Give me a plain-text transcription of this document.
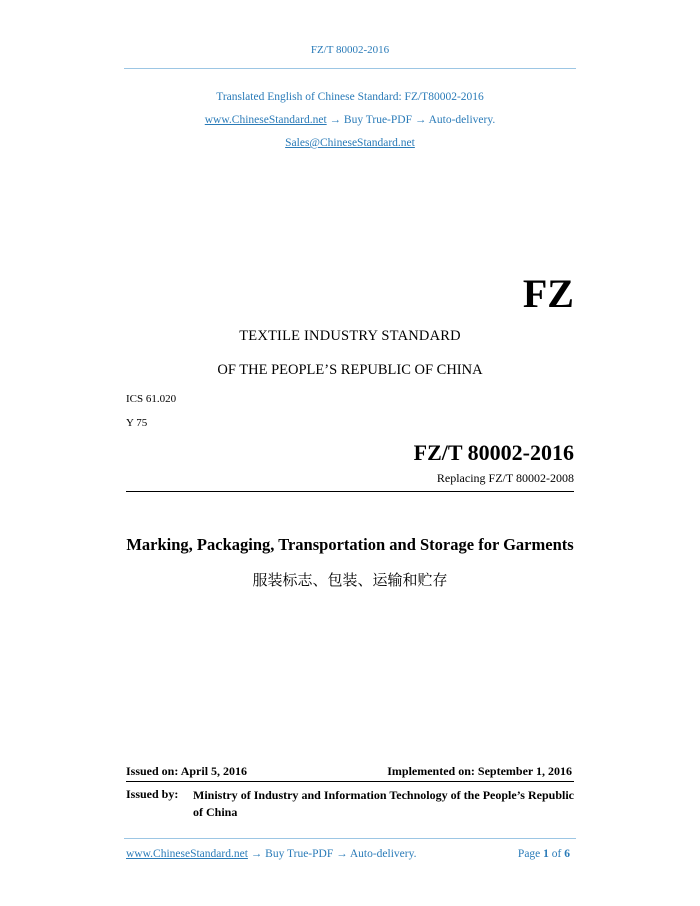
FZ/T 80002-2016
Translated English of Chinese Standard: FZ/T80002-2016
www.ChineseStandard.net → Buy True-PDF → Auto-delivery.
Sales@ChineseStandard.net
FZ
TEXTILE INDUSTRY STANDARD
OF THE PEOPLE’S REPUBLIC OF CHINA
ICS 61.020
Y 75
FZ/T 80002-2016
Replacing FZ/T 80002-2008
Marking, Packaging, Transportation and Storage for Garments
服装标志、包装、运输和贮存
Issued on: April 5, 2016	Implemented on: September 1, 2016
Issued by: Ministry of Industry and Information Technology of the People’s Republic of China
www.ChineseStandard.net → Buy True-PDF → Auto-delivery.	Page 1 of 6
